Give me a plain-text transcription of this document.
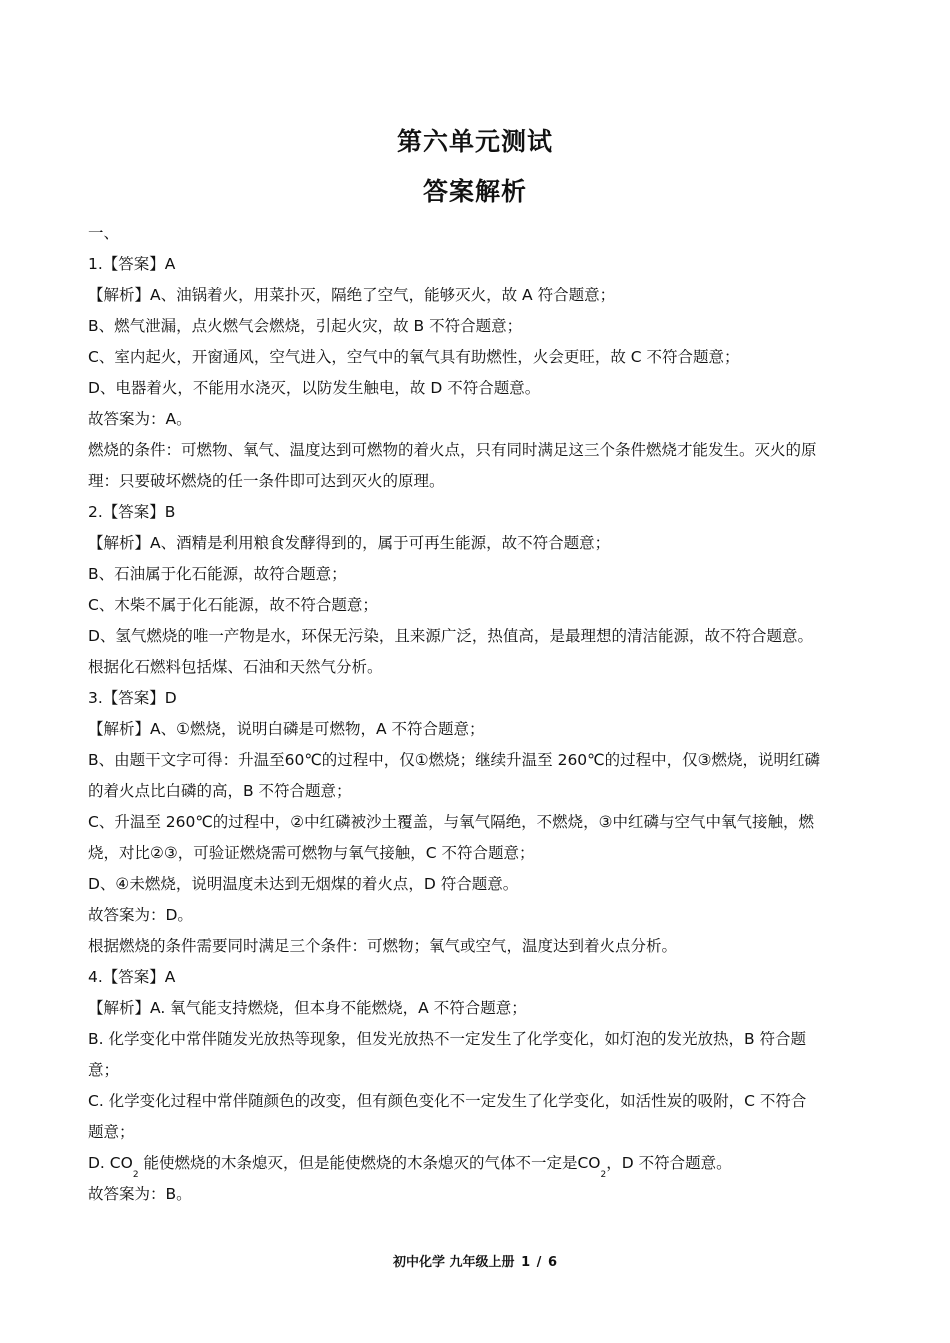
第六单元测试
答案解析
一、
1.【答案】A
【解析】A、油锅着火，用菜扑灭，隔绝了空气，能够灭火，故 A 符合题意；
B、燃气泄漏，点火燃气会燃烧，引起火灾，故 B 不符合题意；
C、室内起火，开窗通风，空气进入，空气中的氧气具有助燃性，火会更旺，故 C 不符合题意；
D、电器着火，不能用水浇灭，以防发生触电，故 D 不符合题意。
故答案为：A。
燃烧的条件：可燃物、氧气、温度达到可燃物的着火点，只有同时满足这三个条件燃烧才能发生。灭火的原
理：只要破坏燃烧的任一条件即可达到灭火的原理。
2.【答案】B
【解析】A、酒精是利用粮食发酵得到的，属于可再生能源，故不符合题意；
B、石油属于化石能源，故符合题意；
C、木柴不属于化石能源，故不符合题意；
D、氢气燃烧的唯一产物是水，环保无污染，且来源广泛，热值高，是最理想的清洁能源，故不符合题意。
根据化石燃料包括煤、石油和天然气分析。
3.【答案】D
【解析】A、①燃烧，说明白磷是可燃物，A 不符合题意；
B、由题干文字可得：升温至60℃的过程中，仅①燃烧；继续升温至 260℃的过程中，仅③燃烧，说明红磷
的着火点比白磷的高，B 不符合题意；
C、升温至 260℃的过程中，②中红磷被沙土覆盖，与氧气隔绝，不燃烧，③中红磷与空气中氧气接触，燃
烧，对比②③，可验证燃烧需可燃物与氧气接触，C 不符合题意；
D、④未燃烧，说明温度未达到无烟煤的着火点，D 符合题意。
故答案为：D。
根据燃烧的条件需要同时满足三个条件：可燃物；氧气或空气，温度达到着火点分析。
4.【答案】A
【解析】A. 氧气能支持燃烧，但本身不能燃烧，A 不符合题意；
B. 化学变化中常伴随发光放热等现象，但发光放热不一定发生了化学变化，如灯泡的发光放热，B 符合题
意；
C. 化学变化过程中常伴随颜色的改变，但有颜色变化不一定发生了化学变化，如活性炭的吸附，C 不符合
题意；
D. $CO_2$ 能使燃烧的木条熄灭，但是能使燃烧的木条熄灭的气体不一定是$CO_2$，D 不符合题意。
故答案为：B。
初中化学 九年级上册 1 / 6
